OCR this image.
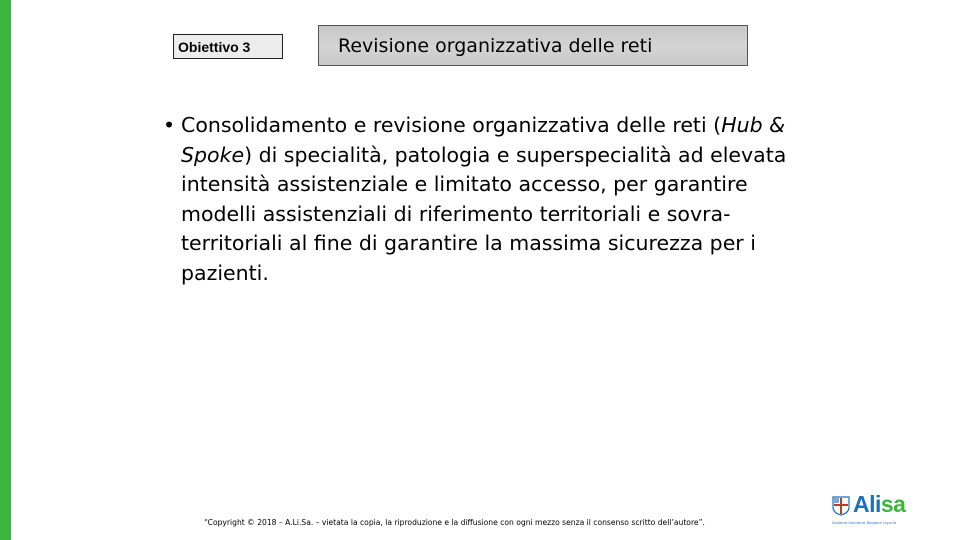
Obiettivo 3	Revisione organizzativa delle reti
• Consolidamento e revisione organizzativa delle reti (Hub & Spoke) di specialità, patologia e superspecialità ad elevata intensità assistenziale e limitato accesso, per garantire modelli assistenziali di riferimento territoriali e sovra-territoriali al fine di garantire la massima sicurezza per i pazienti.
“Copyright © 2018 – A.Li.Sa. – vietata la copia, la riproduzione e la diffusione con ogni mezzo senza il consenso scritto dell’autore”.
Alisa
Sistema Sanitario Regione Liguria
